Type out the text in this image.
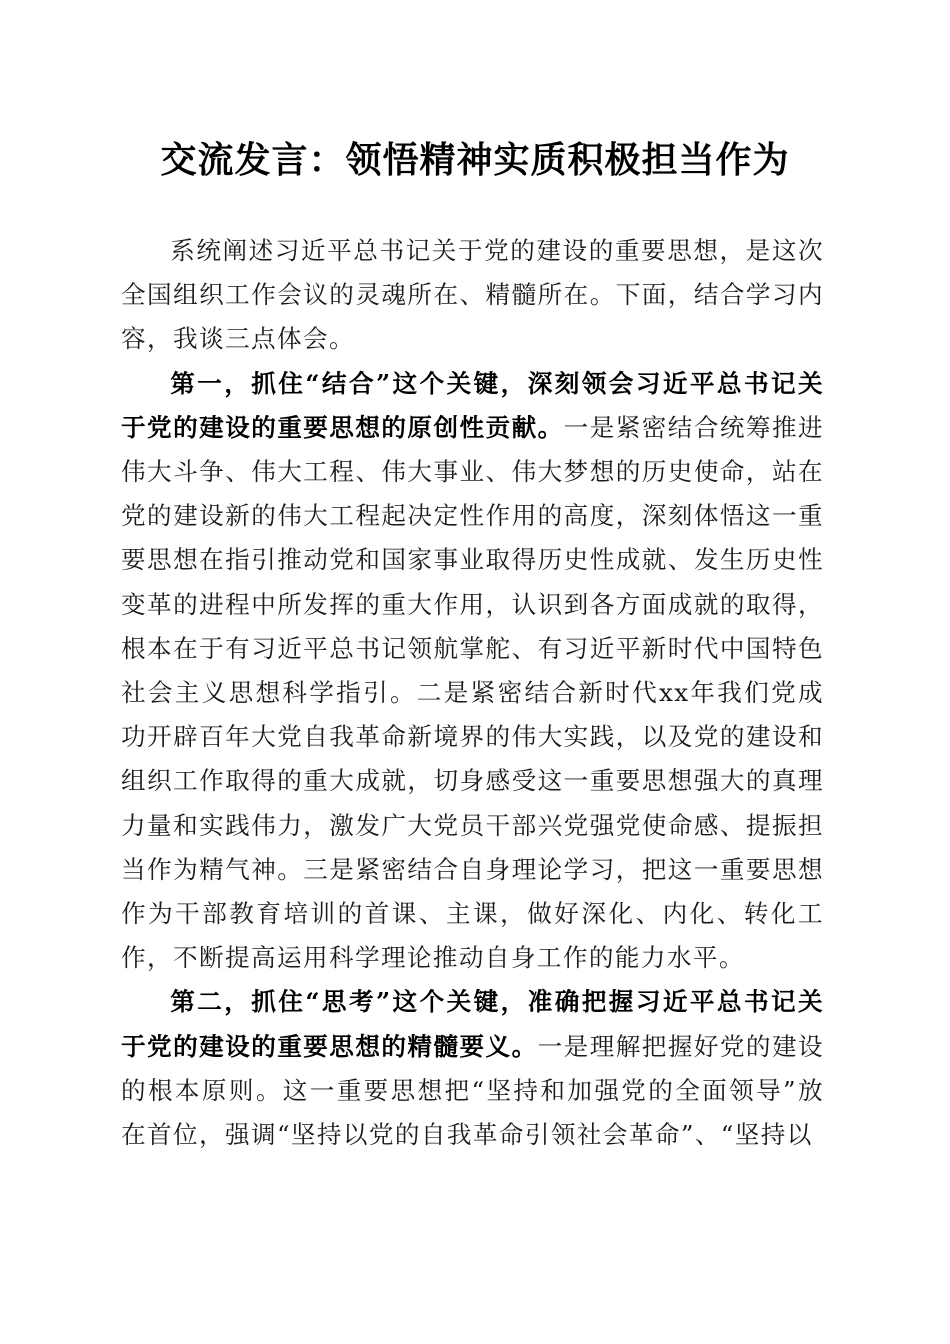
交流发言：领悟精神实质积极担当作为

系统阐述习近平总书记关于党的建设的重要思想，是这次全国组织工作会议的灵魂所在、精髓所在。下面，结合学习内容，我谈三点体会。

第一，抓住“结合”这个关键，深刻领会习近平总书记关于党的建设的重要思想的原创性贡献。一是紧密结合统筹推进伟大斗争、伟大工程、伟大事业、伟大梦想的历史使命，站在党的建设新的伟大工程起决定性作用的高度，深刻体悟这一重要思想在指引推动党和国家事业取得历史性成就、发生历史性变革的进程中所发挥的重大作用，认识到各方面成就的取得，根本在于有习近平总书记领航掌舵、有习近平新时代中国特色社会主义思想科学指引。二是紧密结合新时代xx年我们党成功开辟百年大党自我革命新境界的伟大实践，以及党的建设和组织工作取得的重大成就，切身感受这一重要思想强大的真理力量和实践伟力，激发广大党员干部兴党强党使命感、提振担当作为精气神。三是紧密结合自身理论学习，把这一重要思想作为干部教育培训的首课、主课，做好深化、内化、转化工作，不断提高运用科学理论推动自身工作的能力水平。

第二，抓住“思考”这个关键，准确把握习近平总书记关于党的建设的重要思想的精髓要义。一是理解把握好党的建设的根本原则。这一重要思想把“坚持和加强党的全面领导”放在首位，强调“坚持以党的自我革命引领社会革命”、“坚持以
